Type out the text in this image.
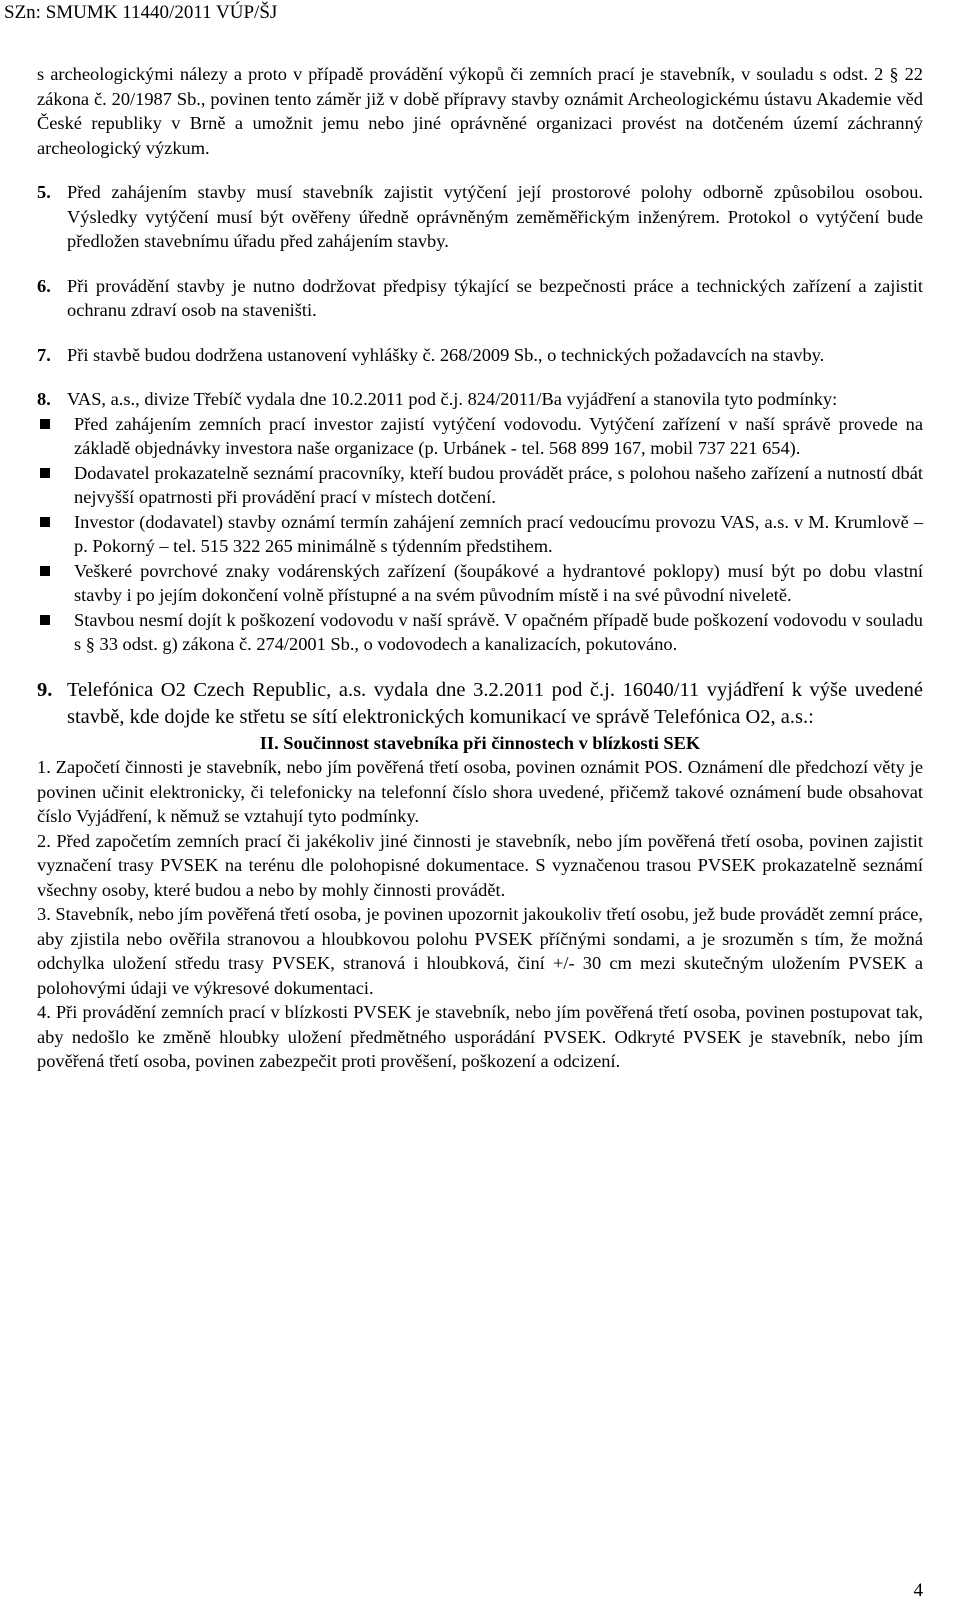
SZn: SMUMK 11440/2011 VÚP/ŠJ

s archeologickými nálezy a proto v případě provádění výkopů či zemních prací je stavebník, v souladu s odst. 2 § 22 zákona č. 20/1987 Sb., povinen tento záměr již v době přípravy stavby oznámit Archeologickému ústavu Akademie věd České republiky v Brně a umožnit jemu nebo jiné oprávněné organizaci provést na dotčeném území záchranný archeologický výzkum.

5. Před zahájením stavby musí stavebník zajistit vytýčení její prostorové polohy odborně způsobilou osobou. Výsledky vytýčení musí být ověřeny úředně oprávněným zeměměřickým inženýrem. Protokol o vytýčení bude předložen stavebnímu úřadu před zahájením stavby.
6. Při provádění stavby je nutno dodržovat předpisy týkající se bezpečnosti práce a technických zařízení a zajistit ochranu zdraví osob na staveništi.
7. Při stavbě budou dodržena ustanovení vyhlášky č. 268/2009 Sb., o technických požadavcích na stavby.
8. VAS, a.s., divize Třebíč vydala dne 10.2.2011 pod č.j. 824/2011/Ba vyjádření a stanovila tyto podmínky:
Před zahájením zemních prací investor zajistí vytýčení vodovodu. Vytýčení zařízení v naší správě provede na základě objednávky investora naše organizace (p. Urbánek - tel. 568 899 167, mobil 737 221 654).
Dodavatel prokazatelně seznámí pracovníky, kteří budou provádět práce, s polohou našeho zařízení a nutností dbát nejvyšší opatrnosti při provádění prací v místech dotčení.
Investor (dodavatel) stavby oznámí termín zahájení zemních prací vedoucímu provozu VAS, a.s. v M. Krumlově – p. Pokorný – tel. 515 322 265 minimálně s týdenním předstihem.
Veškeré povrchové znaky vodárenských zařízení (šoupákové a hydrantové poklopy) musí být po dobu vlastní stavby i po jejím dokončení volně přístupné a na svém původním místě i na své původní niveletě.
Stavbou nesmí dojít k poškození vodovodu v naší správě. V opačném případě bude poškození vodovodu v souladu s § 33 odst. g) zákona č. 274/2001 Sb., o vodovodech a kanalizacích, pokutováno.
9. Telefónica O2 Czech Republic, a.s. vydala dne 3.2.2011 pod č.j. 16040/11 vyjádření k výše uvedené stavbě, kde dojde ke střetu se sítí elektronických komunikací ve správě Telefónica O2, a.s.:

II. Součinnost stavebníka při činnostech v blízkosti SEK

1. Započetí činnosti je stavebník, nebo jím pověřená třetí osoba, povinen oznámit POS. Oznámení dle předchozí věty je povinen učinit elektronicky, či telefonicky na telefonní číslo shora uvedené, přičemž takové oznámení bude obsahovat číslo Vyjádření, k němuž se vztahují tyto podmínky.

2. Před započetím zemních prací či jakékoliv jiné činnosti je stavebník, nebo jím pověřená třetí osoba, povinen zajistit vyznačení trasy PVSEK na terénu dle polohopisné dokumentace. S vyznačenou trasou PVSEK prokazatelně seznámí všechny osoby, které budou a nebo by mohly činnosti provádět.

3. Stavebník, nebo jím pověřená třetí osoba, je povinen upozornit jakoukoliv třetí osobu, jež bude provádět zemní práce, aby zjistila nebo ověřila stranovou a hloubkovou polohu PVSEK příčnými sondami, a je srozuměn s tím, že možná odchylka uložení středu trasy PVSEK, stranová i hloubková, činí +/- 30 cm mezi skutečným uložením PVSEK a polohovými údaji ve výkresové dokumentaci.

4. Při provádění zemních prací v blízkosti PVSEK je stavebník, nebo jím pověřená třetí osoba, povinen postupovat tak, aby nedošlo ke změně hloubky uložení předmětného usporádání PVSEK. Odkryté PVSEK je stavebník, nebo jím pověřená třetí osoba, povinen zabezpečit proti prověšení, poškození a odcizení.

4
